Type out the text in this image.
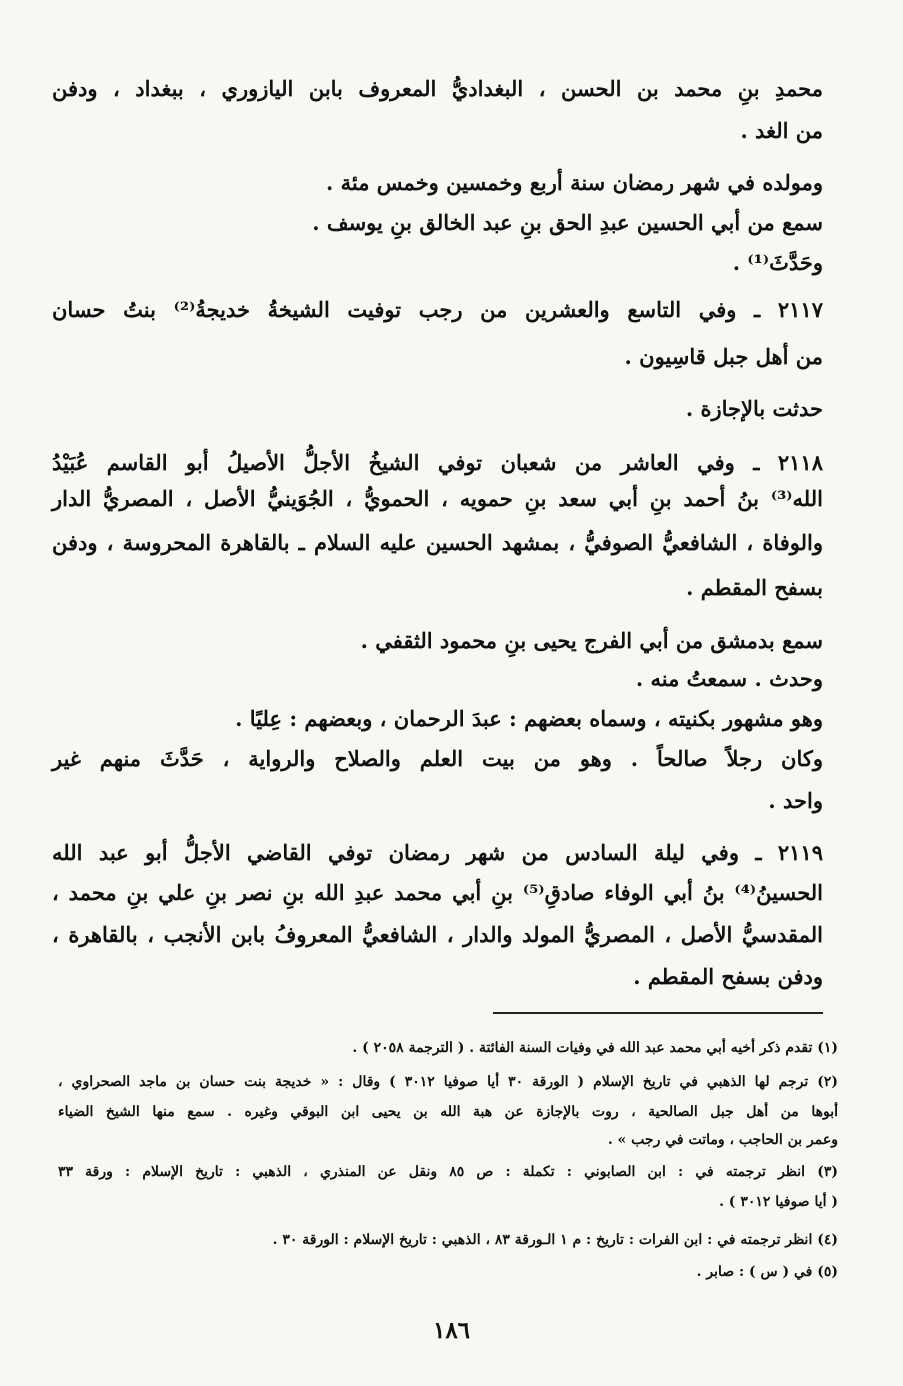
محمدِ بنِ محمد بن الحسن ، البغداديُّ المعروف بابن اليازوري ، ببغداد ، ودفن
من الغد .
ومولده في شهر رمضان سنة أربع وخمسين وخمس مئة .
سمع من أبي الحسين عبدِ الحق بنِ عبد الخالق بنِ يوسف .
وحَدَّثَ⁽¹⁾ .
٢١١٧ ـ وفي التاسع والعشرين من رجب توفيت الشيخةُ خديجةُ⁽²⁾ بنتُ حسان
من أهل جبل قاسِيون .
حدثت بالإجازة .
٢١١٨ ـ وفي العاشر من شعبان توفي الشيخُ الأجلُّ الأصيلُ أبو القاسم عُبَيْدُ
الله⁽³⁾ بنُ أحمد بنِ أبي سعد بنِ حمويه ، الحمويُّ ، الجُوَينيُّ الأصل ، المصريُّ الدار
والوفاة ، الشافعيُّ الصوفيُّ ، بمشهد الحسين عليه السلام ـ بالقاهرة المحروسة ، ودفن
بسفح المقطم .
سمع بدمشق من أبي الفرج يحيى بنِ محمود الثقفي .
وحدث . سمعتُ منه .
وهو مشهور بكنيته ، وسماه بعضهم : عبدَ الرحمان ، وبعضهم : عِليًا .
وكان رجلاً صالحاً . وهو من بيت العلم والصلاح والرواية ، حَدَّثَ منهم غير
واحد .
٢١١٩ ـ وفي ليلة السادس من شهر رمضان توفي القاضي الأجلُّ أبو عبد الله
الحسينُ⁽⁴⁾ بنُ أبي الوفاء صادقِ⁽⁵⁾ بنِ أبي محمد عبدِ الله بنِ نصر بنِ علي بنِ محمد ،
المقدسيُّ الأصل ، المصريُّ المولد والدار ، الشافعيُّ المعروفُ بابن الأنجب ، بالقاهرة ،
ودفن بسفح المقطم .
(١) تقدم ذكر أخيه أبي محمد عبد الله في وفيات السنة الفائتة . ( الترجمة ٢٠٥٨ ) .
(٢) ترجم لها الذهبي في تاريخ الإسلام ( الورقة ٣٠ أيا صوفيا ٣٠١٢ ) وقال : « خديجة بنت حسان بن ماجد الصحراوي ،
أبوها من أهل جبل الصالحية ، روت بالإجازة عن هبة الله بن يحيى ابن البوقي وغيره . سمع منها الشيخ الضياء
وعمر بن الحاجب ، وماتت في رجب » .
(٣) انظر ترجمته في : ابن الصابوني : تكملة : ص ٨٥ ونقل عن المنذري ، الذهبي : تاريخ الإسلام : ورقة ٣٣
( أيا صوفيا ٣٠١٢ ) .
(٤) انظر ترجمته في : ابن الفرات : تاريخ : م ١ الـورقة ٨٣ ، الذهبي : تاريخ الإسلام : الورقة ٣٠ .
(٥) في ( س ) : صابر .
١٨٦
